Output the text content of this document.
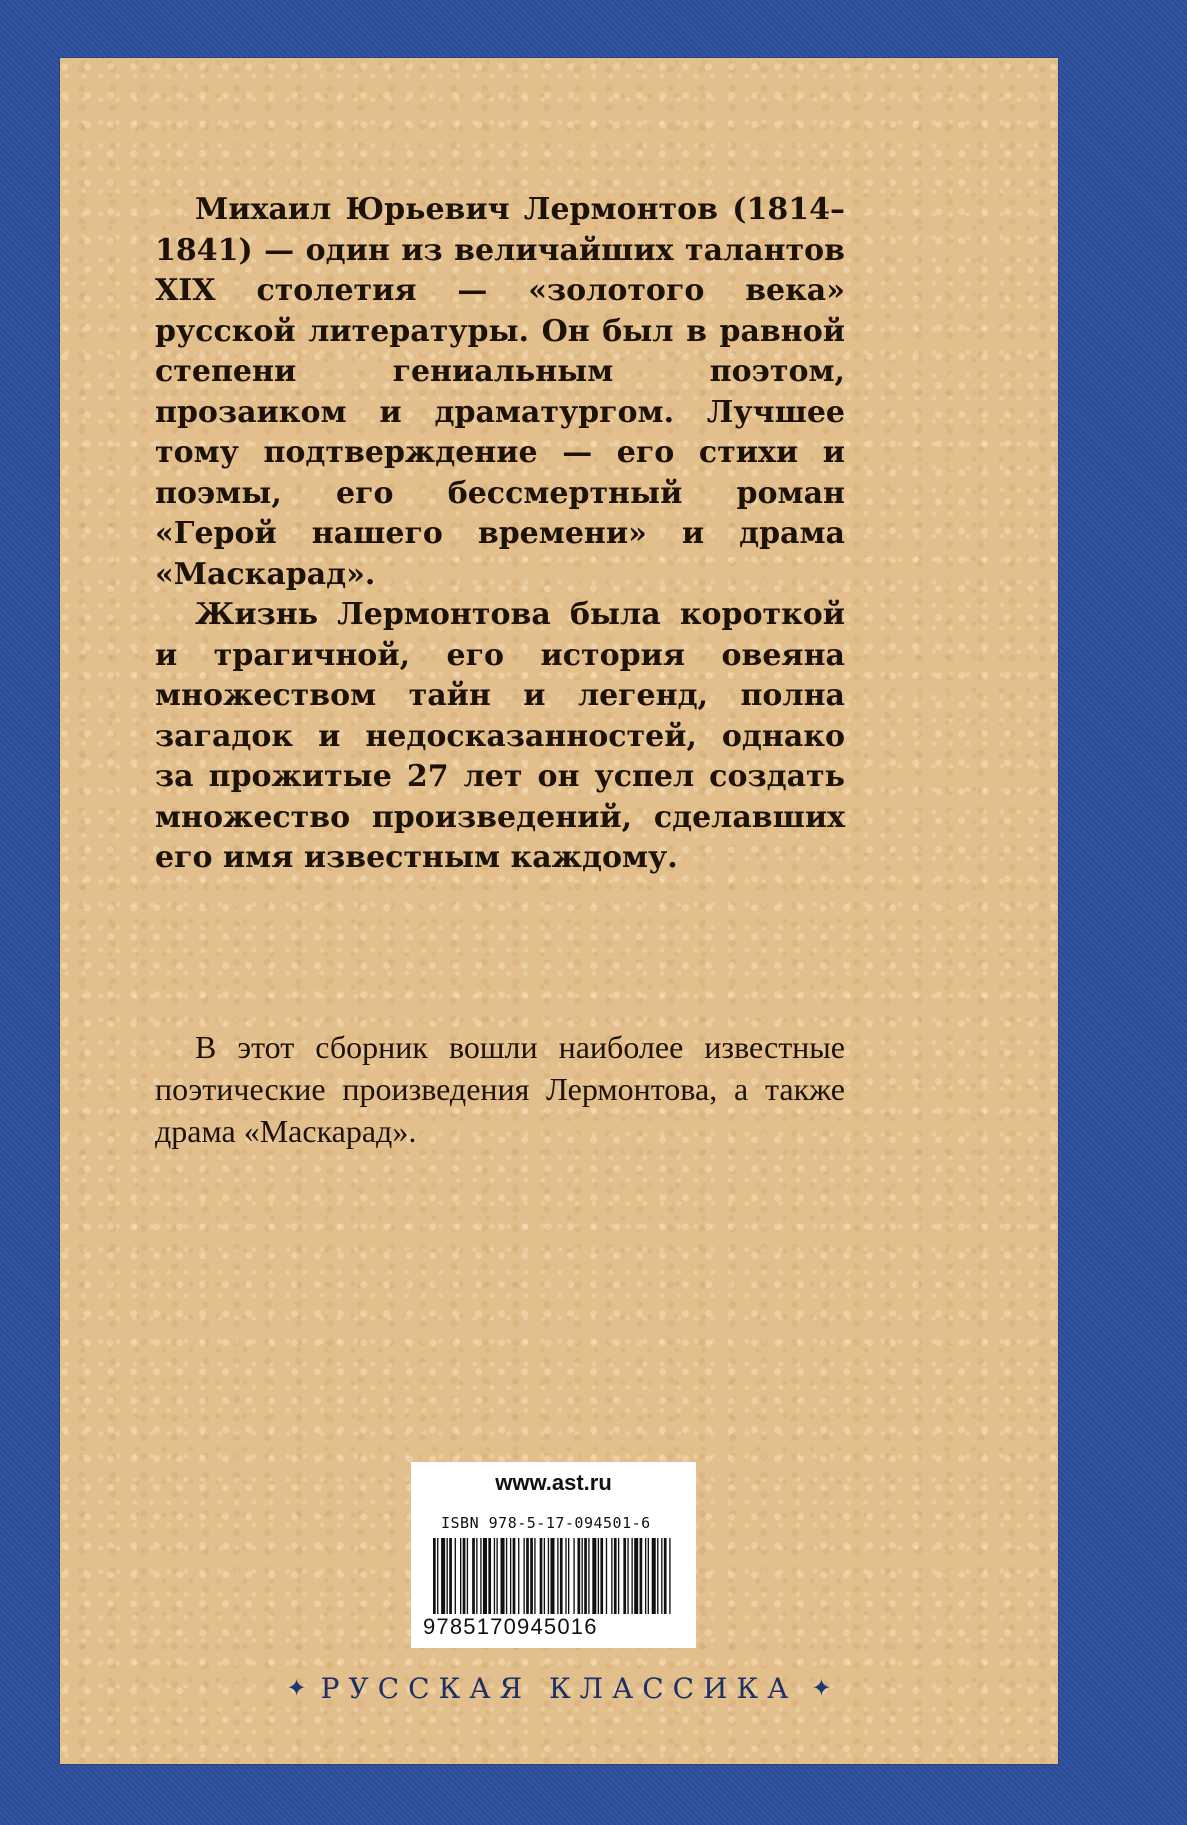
Михаил Юрьевич Лермонтов (1814–1841) — один из величайших талантов XIX столетия — «золотого века» русской литературы. Он был в равной степени гениальным поэтом, прозаиком и драматургом. Лучшее тому подтверждение — его стихи и поэмы, его бессмертный роман «Герой нашего времени» и драма «Маскарад».

Жизнь Лермонтова была короткой и трагичной, его история овеяна множеством тайн и легенд, полна загадок и недосказанностей, однако за прожитые 27 лет он успел создать множество произведений, сделавших его имя известным каждому.

В этот сборник вошли наиболее известные поэтические произведения Лермонтова, а также драма «Маскарад».

www.ast.ru
ISBN 978-5-17-094501-6
9785170945016
✦ РУССКАЯ КЛАССИКА ✦
